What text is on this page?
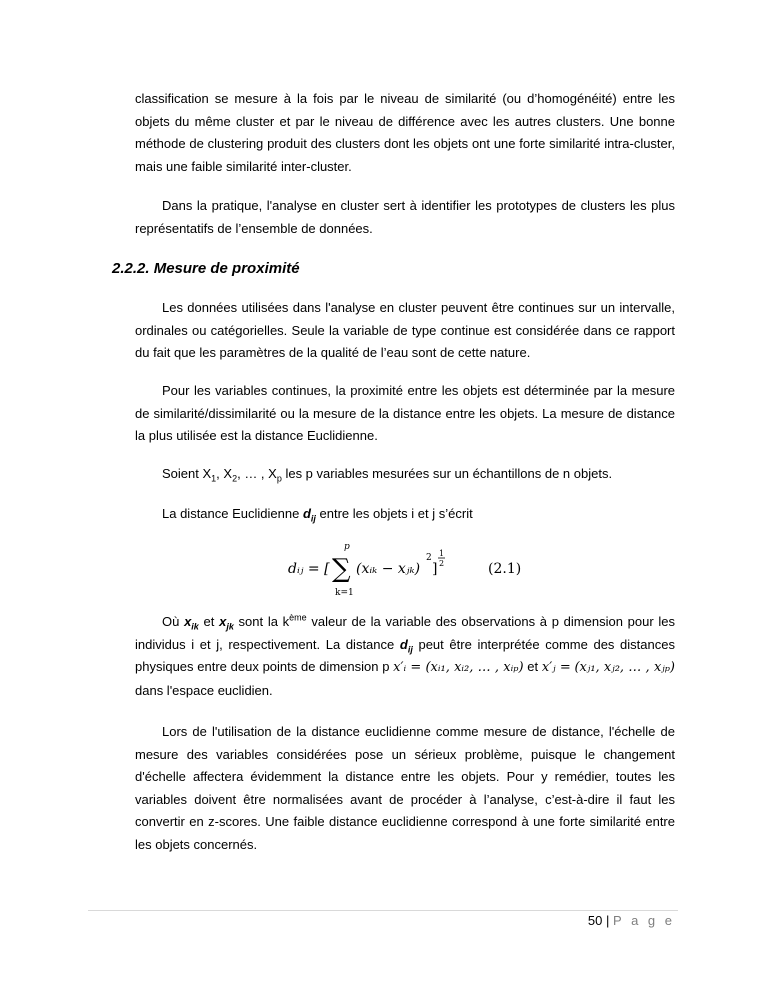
classification se mesure à la fois par le niveau de similarité (ou d’homogénéité) entre les objets du même cluster et par le niveau de différence avec les autres clusters. Une bonne méthode de clustering produit des clusters dont les objets ont une forte similarité intra-cluster, mais une faible similarité inter-cluster.

Dans la pratique, l'analyse en cluster sert à identifier les prototypes de clusters les plus représentatifs de l’ensemble de données.

2.2.2. Mesure de proximité

Les données utilisées dans l'analyse en cluster peuvent être continues sur un intervalle, ordinales ou catégorielles. Seule la variable de type continue est considérée dans ce rapport du fait que les paramètres de la qualité de l’eau sont de cette nature.

Pour les variables continues, la proximité entre les objets est déterminée par la mesure de similarité/dissimilarité ou la mesure de la distance entre les objets. La mesure de distance la plus utilisée est la distance Euclidienne.

Soient $X_1$, $X_2$, … , $X_p$ les p variables mesurées sur un échantillons de n objets.

La distance Euclidienne $d_{ij}$ entre les objets i et j s’écrit

dᵢⱼ = [
p
∑
k=1
(xᵢₖ − xⱼₖ)
2
]
1
2	(2.1)

Où $x_{ik}$ et $x_{jk}$ sont la $k^{ème}$ valeur de la variable des observations à p dimension pour les individus i et j, respectivement. La distance $d_{ij}$ peut être interprétée comme des distances physiques entre deux points de dimension p x′ᵢ = (xᵢ₁, xᵢ₂, … , xᵢₚ) et x′ⱼ = (xⱼ₁, xⱼ₂, … , xⱼₚ) dans l'espace euclidien.

Lors de l'utilisation de la distance euclidienne comme mesure de distance, l'échelle de mesure des variables considérées pose un sérieux problème, puisque le changement d'échelle affectera évidemment la distance entre les objets. Pour y remédier, toutes les variables doivent être normalisées avant de procéder à l’analyse, c’est-à-dire il faut les convertir en z-scores. Une faible distance euclidienne correspond à une forte similarité entre les objets concernés.

50 | P a g e
